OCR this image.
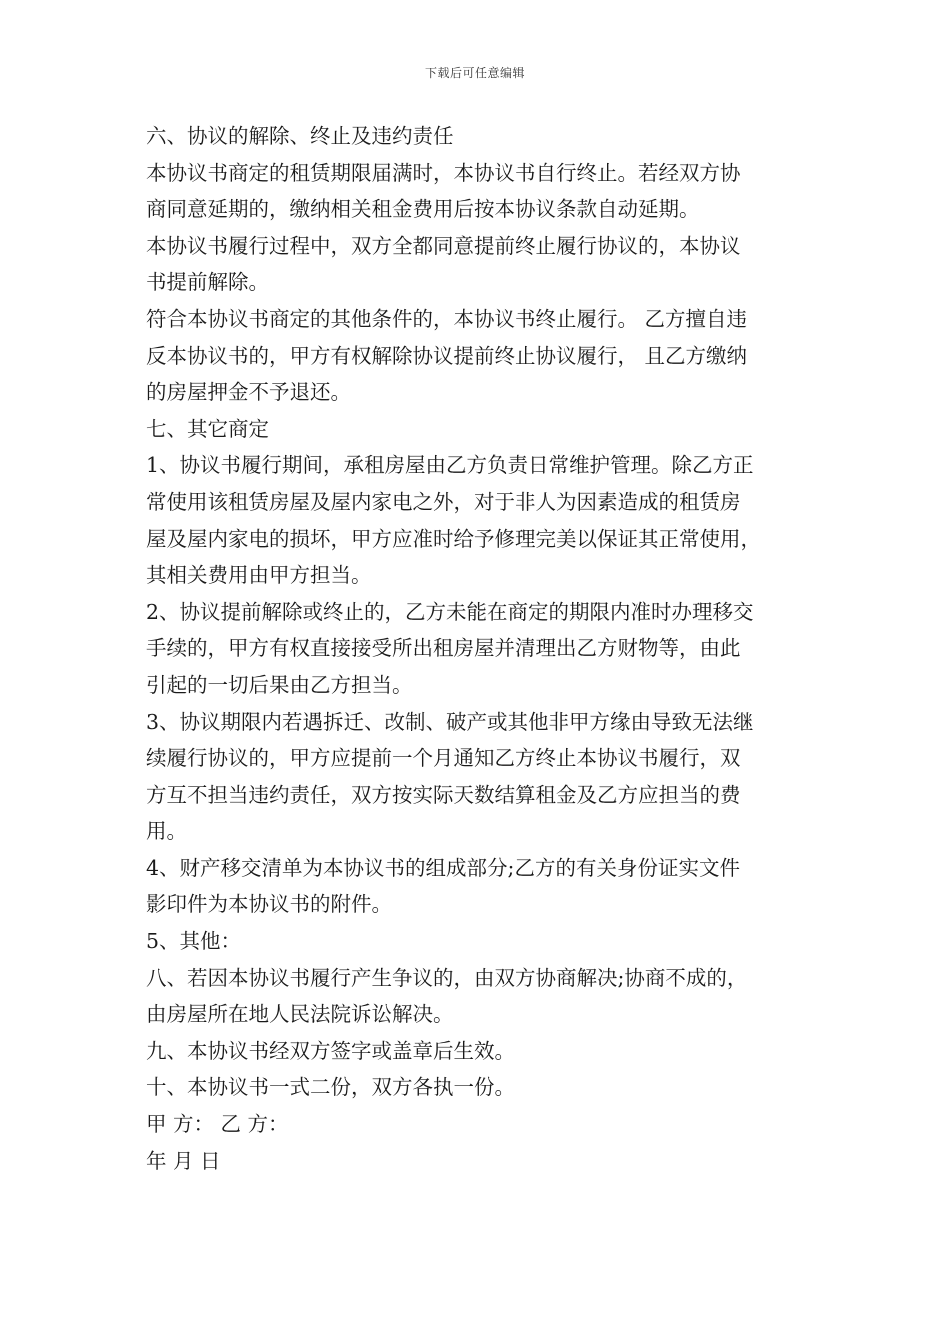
下载后可任意编辑
六、协议的解除、终止及违约责任
本协议书商定的租赁期限届满时，本协议书自行终止。若经双方协
商同意延期的，缴纳相关租金费用后按本协议条款自动延期。
本协议书履行过程中，双方全都同意提前终止履行协议的，本协议
书提前解除。
符合本协议书商定的其他条件的，本协议书终止履行。 乙方擅自违
反本协议书的，甲方有权解除协议提前终止协议履行， 且乙方缴纳
的房屋押金不予退还。
七、其它商定
1、协议书履行期间，承租房屋由乙方负责日常维护管理。除乙方正
常使用该租赁房屋及屋内家电之外，对于非人为因素造成的租赁房
屋及屋内家电的损坏，甲方应准时给予修理完美以保证其正常使用，
其相关费用由甲方担当。
2、协议提前解除或终止的，乙方未能在商定的期限内准时办理移交
手续的，甲方有权直接接受所出租房屋并清理出乙方财物等，由此
引起的一切后果由乙方担当。
3、协议期限内若遇拆迁、改制、破产或其他非甲方缘由导致无法继
续履行协议的，甲方应提前一个月通知乙方终止本协议书履行，双
方互不担当违约责任，双方按实际天数结算租金及乙方应担当的费
用。
4、财产移交清单为本协议书的组成部分;乙方的有关身份证实文件
影印件为本协议书的附件。
5、其他：
八、若因本协议书履行产生争议的，由双方协商解决;协商不成的，
由房屋所在地人民法院诉讼解决。
九、本协议书经双方签字或盖章后生效。
十、本协议书一式二份，双方各执一份。
甲 方： 乙 方：
年 月 日
